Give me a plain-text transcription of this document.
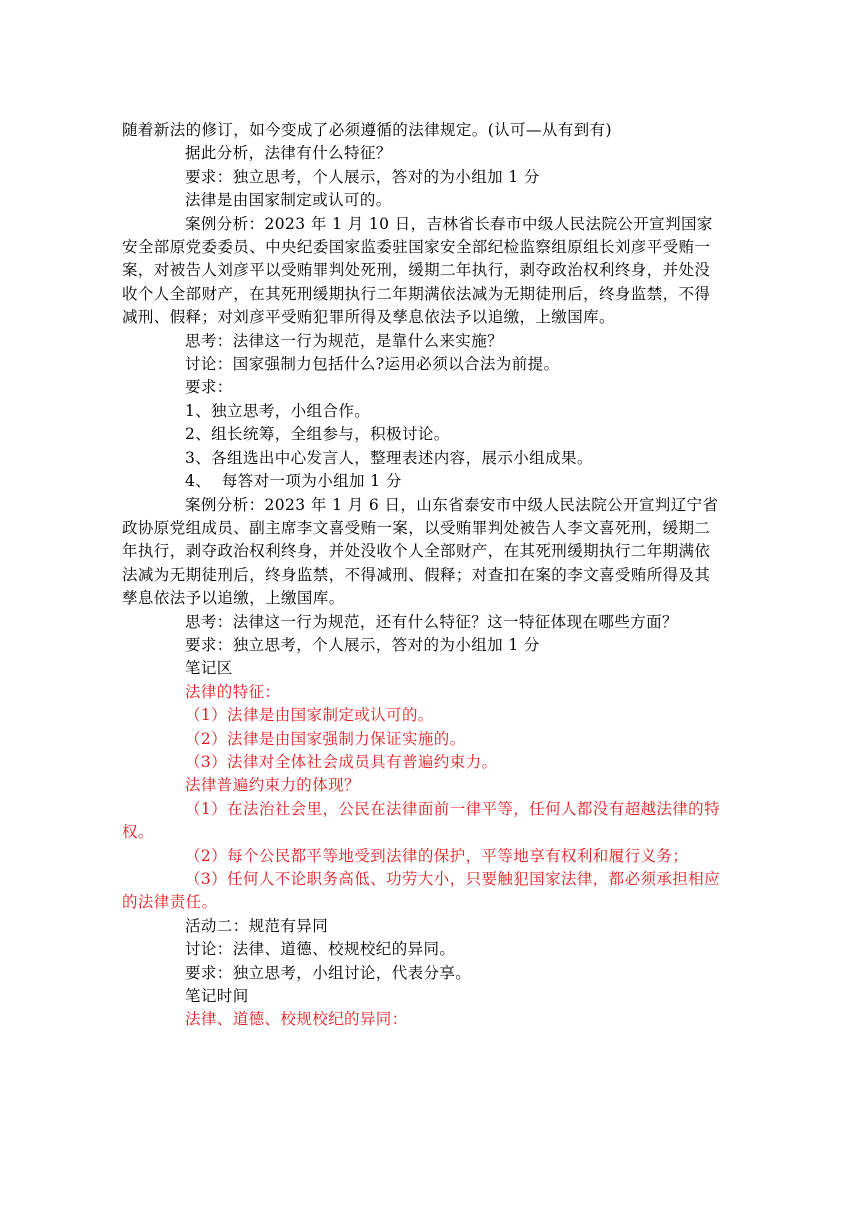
随着新法的修订，如今变成了必须遵循的法律规定。(认可—从有到有)

据此分析，法律有什么特征？

要求：独立思考，个人展示，答对的为小组加 1 分

法律是由国家制定或认可的。

案例分析：2023 年 1 月 10 日，吉林省长春市中级人民法院公开宣判国家安全部原党委委员、中央纪委国家监委驻国家安全部纪检监察组原组长刘彦平受贿一案，对被告人刘彦平以受贿罪判处死刑，缓期二年执行，剥夺政治权利终身，并处没收个人全部财产，在其死刑缓期执行二年期满依法减为无期徒刑后，终身监禁，不得减刑、假释；对刘彦平受贿犯罪所得及孳息依法予以追缴，上缴国库。

思考：法律这一行为规范，是靠什么来实施？

讨论：国家强制力包括什么?运用必须以合法为前提。

要求：

1、独立思考，小组合作。

2、组长统筹，全组参与，积极讨论。

3、各组选出中心发言人，整理表述内容，展示小组成果。

4、  每答对一项为小组加 1 分

案例分析：2023 年 1 月 6 日，山东省泰安市中级人民法院公开宣判辽宁省政协原党组成员、副主席李文喜受贿一案，以受贿罪判处被告人李文喜死刑，缓期二年执行，剥夺政治权利终身，并处没收个人全部财产，在其死刑缓期执行二年期满依法减为无期徒刑后，终身监禁，不得减刑、假释；对查扣在案的李文喜受贿所得及其孳息依法予以追缴，上缴国库。

思考：法律这一行为规范，还有什么特征？这一特征体现在哪些方面？

要求：独立思考，个人展示，答对的为小组加 1 分

笔记区

法律的特征：

（1）法律是由国家制定或认可的。

（2）法律是由国家强制力保证实施的。

（3）法律对全体社会成员具有普遍约束力。

法律普遍约束力的体现？

（1）在法治社会里，公民在法律面前一律平等，任何人都没有超越法律的特权。

（2）每个公民都平等地受到法律的保护，平等地享有权利和履行义务；

（3）任何人不论职务高低、功劳大小，只要触犯国家法律，都必须承担相应的法律责任。

活动二：规范有异同

讨论：法律、道德、校规校纪的异同。

要求：独立思考，小组讨论，代表分享。

笔记时间

法律、道德、校规校纪的异同：
